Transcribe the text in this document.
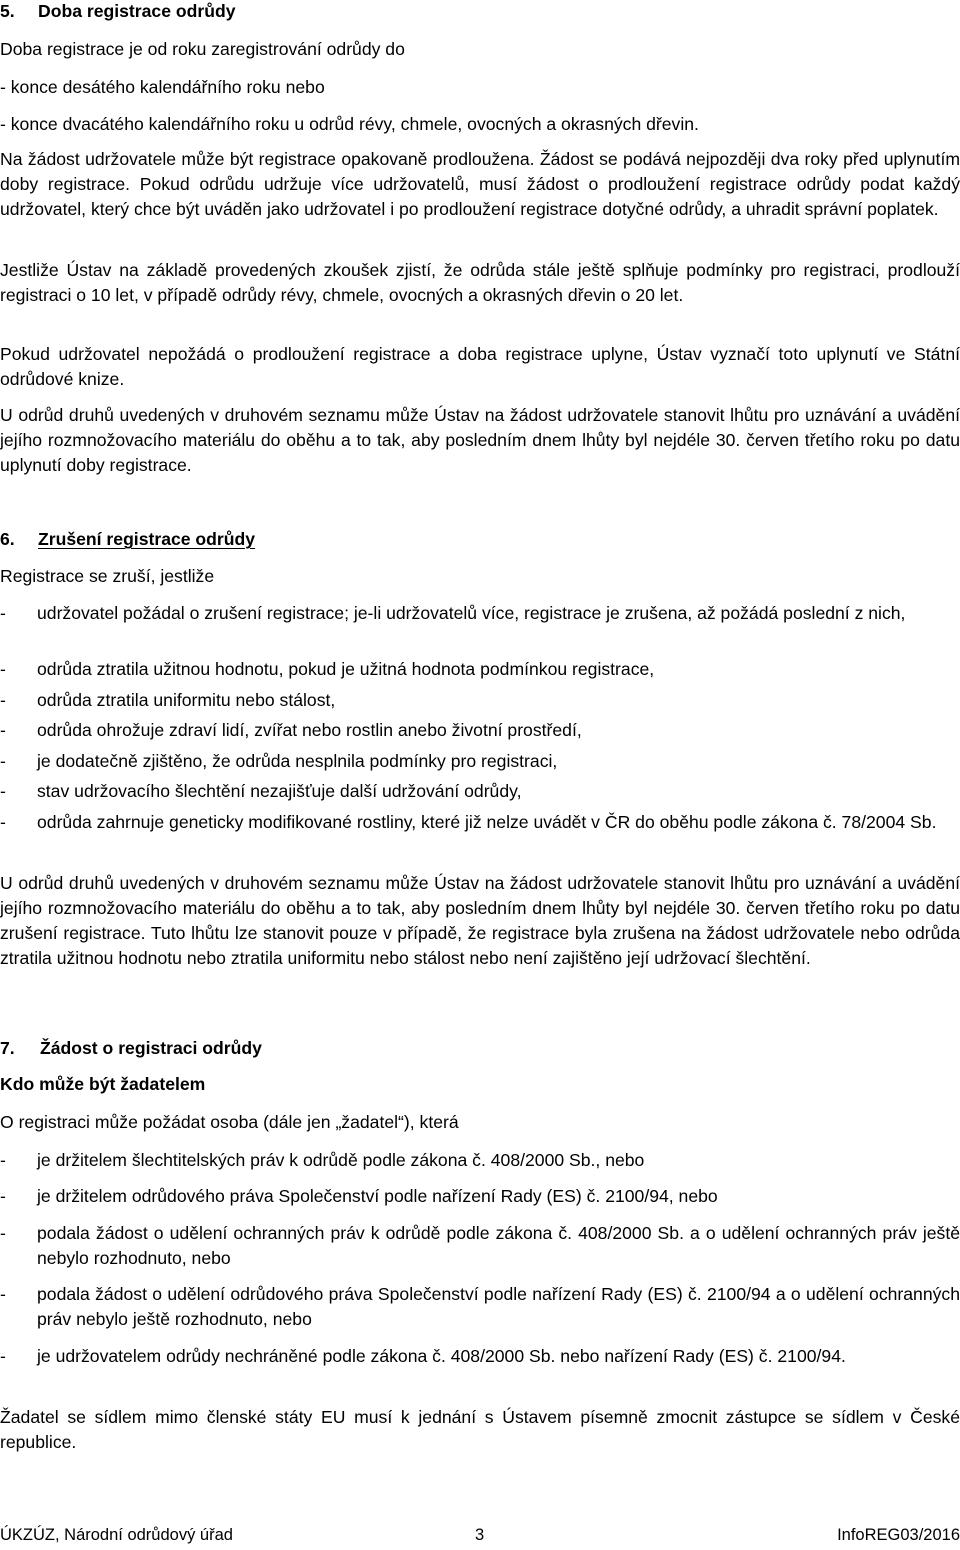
5. Doba registrace odrůdy

Doba registrace je od roku zaregistrování odrůdy do

- konce desátého kalendářního roku nebo

- konce dvacátého kalendářního roku u odrůd révy, chmele, ovocných a okrasných dřevin.

Na žádost udržovatele může být registrace opakovaně prodloužena. Žádost se podává nejpozději dva roky před uplynutím doby registrace. Pokud odrůdu udržuje více udržovatelů, musí žádost o prodloužení registrace odrůdy podat každý udržovatel, který chce být uváděn jako udržovatel i po prodloužení registrace dotyčné odrůdy, a uhradit správní poplatek.

Jestliže Ústav na základě provedených zkoušek zjistí, že odrůda stále ještě splňuje podmínky pro registraci, prodlouží registraci o 10 let, v případě odrůdy révy, chmele, ovocných a okrasných dřevin o 20 let.

Pokud udržovatel nepožádá o prodloužení registrace a doba registrace uplyne, Ústav vyznačí toto uplynutí ve Státní odrůdové knize.

U odrůd druhů uvedených v druhovém seznamu může Ústav na žádost udržovatele stanovit lhůtu pro uznávání a uvádění jejího rozmnožovacího materiálu do oběhu a to tak, aby posledním dnem lhůty byl nejdéle 30. červen třetího roku po datu uplynutí doby registrace.

6. Zrušení registrace odrůdy

Registrace se zruší, jestliže

- udržovatel požádal o zrušení registrace; je-li udržovatelů více, registrace je zrušena, až požádá poslední z nich,
- odrůda ztratila užitnou hodnotu, pokud je užitná hodnota podmínkou registrace,
- odrůda ztratila uniformitu nebo stálost,
- odrůda ohrožuje zdraví lidí, zvířat nebo rostlin anebo životní prostředí,
- je dodatečně zjištěno, že odrůda nesplnila podmínky pro registraci,
- stav udržovacího šlechtění nezajišťuje další udržování odrůdy,
- odrůda zahrnuje geneticky modifikované rostliny, které již nelze uvádět v ČR do oběhu podle zákona č. 78/2004 Sb.

U odrůd druhů uvedených v druhovém seznamu může Ústav na žádost udržovatele stanovit lhůtu pro uznávání a uvádění jejího rozmnožovacího materiálu do oběhu a to tak, aby posledním dnem lhůty byl nejdéle 30. červen třetího roku po datu zrušení registrace. Tuto lhůtu lze stanovit pouze v případě, že registrace byla zrušena na žádost udržovatele nebo odrůda ztratila užitnou hodnotu nebo ztratila uniformitu nebo stálost nebo není zajištěno její udržovací šlechtění.

7. Žádost o registraci odrůdy

Kdo může být žadatelem

O registraci může požádat osoba (dále jen „žadatel“), která

- je držitelem šlechtitelských práv k odrůdě podle zákona č. 408/2000 Sb., nebo
- je držitelem odrůdového práva Společenství podle nařízení Rady (ES) č. 2100/94, nebo
- podala žádost o udělení ochranných práv k odrůdě podle zákona č. 408/2000 Sb. a o udělení ochranných práv ještě nebylo rozhodnuto, nebo
- podala žádost o udělení odrůdového práva Společenství podle nařízení Rady (ES) č. 2100/94 a o udělení ochranných práv nebylo ještě rozhodnuto, nebo
- je udržovatelem odrůdy nechráněné podle zákona č. 408/2000 Sb. nebo nařízení Rady (ES) č. 2100/94.

Žadatel se sídlem mimo členské státy EU musí k jednání s Ústavem písemně zmocnit zástupce se sídlem v České republice.

ÚKZÚZ, Národní odrůdový úřad	3	InfoREG03/2016
